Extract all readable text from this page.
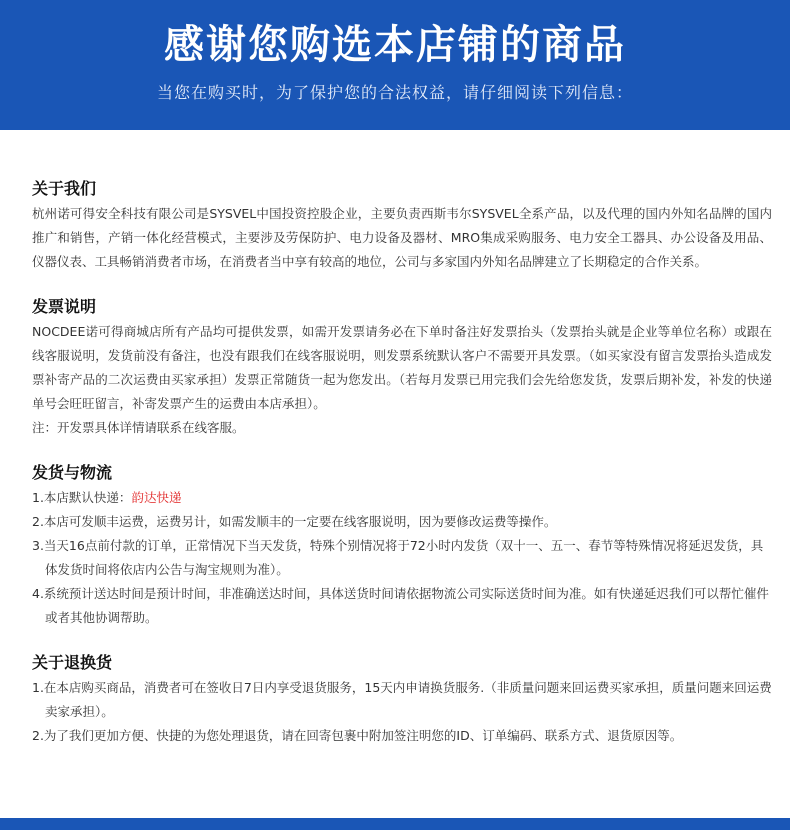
感谢您购选本店铺的商品
当您在购买时，为了保护您的合法权益，请仔细阅读下列信息：

关于我们

杭州诺可得安全科技有限公司是SYSVEL中国投资控股企业，主要负责西斯韦尔SYSVEL全系产品，以及代理的国内外知名品牌的国内推广和销售，产销一体化经营模式，主要涉及劳保防护、电力设备及器材、MRO集成采购服务、电力安全工器具、办公设备及用品、仪器仪表、工具畅销消费者市场，在消费者当中享有较高的地位，公司与多家国内外知名品牌建立了长期稳定的合作关系。

发票说明

NOCDEE诺可得商城店所有产品均可提供发票，如需开发票请务必在下单时备注好发票抬头（发票抬头就是企业等单位名称）或跟在线客服说明，发货前没有备注，也没有跟我们在线客服说明，则发票系统默认客户不需要开具发票。（如买家没有留言发票抬头造成发票补寄产品的二次运费由买家承担）发票正常随货一起为您发出。（若每月发票已用完我们会先给您发货，发票后期补发，补发的快递单号会旺旺留言，补寄发票产生的运费由本店承担）。

注：开发票具体详情请联系在线客服。

发货与物流

1.本店默认快递：韵达快递

2.本店可发顺丰运费，运费另计，如需发顺丰的一定要在线客服说明，因为要修改运费等操作。

3.当天16点前付款的订单，正常情况下当天发货，特殊个别情况将于72小时内发货（双十一、五一、春节等特殊情况将延迟发货，具体发货时间将依店内公告与淘宝规则为准）。

4.系统预计送达时间是预计时间，非准确送达时间，具体送货时间请依据物流公司实际送货时间为准。如有快递延迟我们可以帮忙催件或者其他协调帮助。

关于退换货

1.在本店购买商品，消费者可在签收日7日内享受退货服务，15天内申请换货服务.（非质量问题来回运费买家承担，质量问题来回运费卖家承担）。

2.为了我们更加方便、快捷的为您处理退货，请在回寄包裹中附加签注明您的ID、订单编码、联系方式、退货原因等。
